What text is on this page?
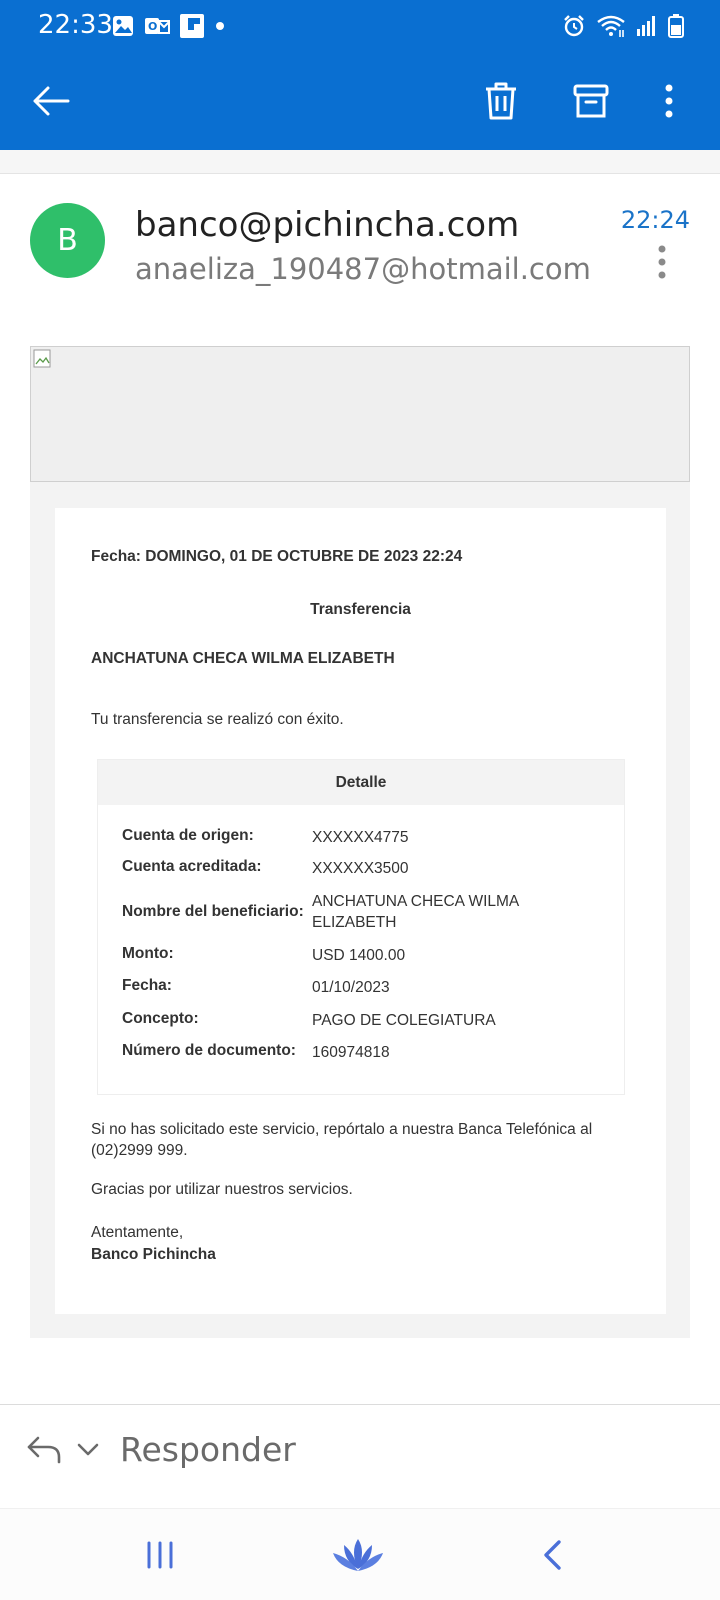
22:33	O
B	banco@pichincha.com
anaeliza_190487@hotmail.com
22:24
Fecha: DOMINGO, 01 DE OCTUBRE DE 2023 22:24
Transferencia
ANCHATUNA CHECA WILMA ELIZABETH
Tu transferencia se realizó con éxito.
Detalle
Cuenta de origen:	XXXXXX4775
Cuenta acreditada:	XXXXXX3500
Nombre del beneficiario:
ANCHATUNA CHECA WILMA ELIZABETH
Monto:	USD 1400.00
Fecha:	01/10/2023
Concepto:	PAGO DE COLEGIATURA
Número de documento:	160974818
Si no has solicitado este servicio, repórtalo a nuestra Banca Telefónica al (02)2999 999.
Gracias por utilizar nuestros servicios.
Atentamente,
Banco Pichincha
Responder
